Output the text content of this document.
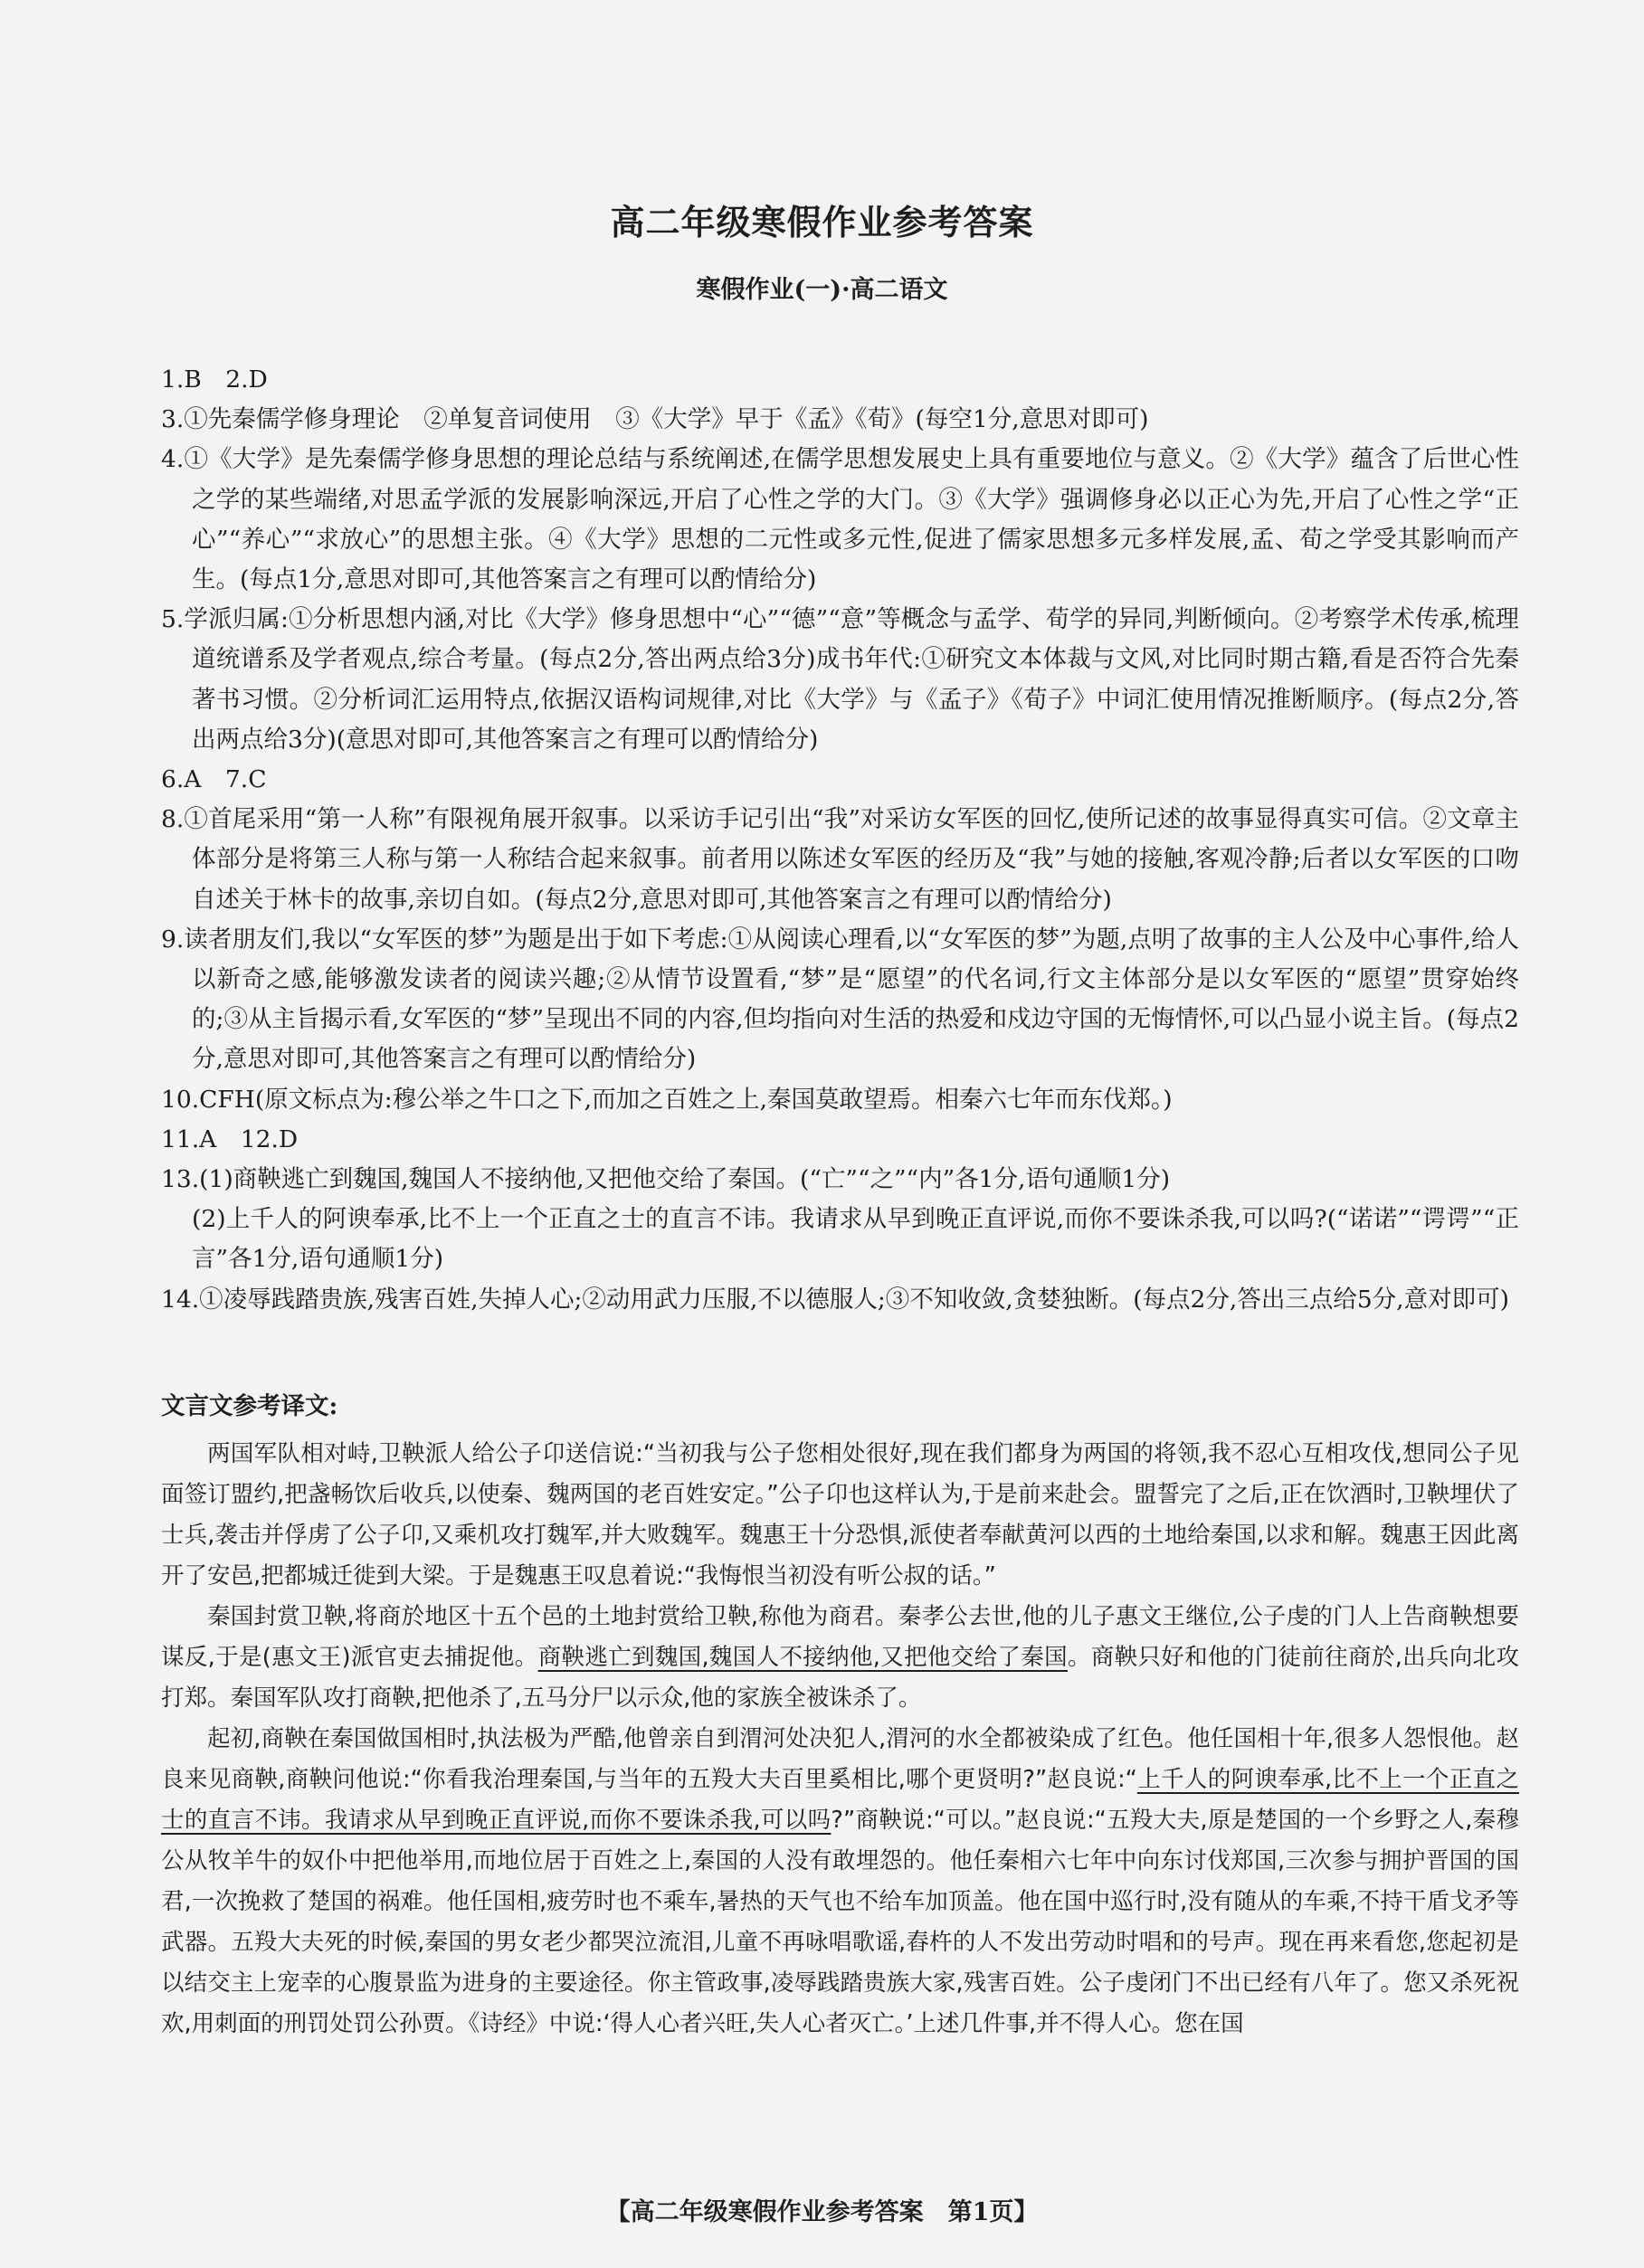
高二年级寒假作业参考答案
寒假作业(一)·高二语文

1.B　2.D

3.①先秦儒学修身理论　②单复音词使用　③《大学》早于《孟》《荀》(每空1分,意思对即可)

4.①《大学》是先秦儒学修身思想的理论总结与系统阐述,在儒学思想发展史上具有重要地位与意义。②《大学》蕴含了后世心性之学的某些端绪,对思孟学派的发展影响深远,开启了心性之学的大门。③《大学》强调修身必以正心为先,开启了心性之学“正心”“养心”“求放心”的思想主张。④《大学》思想的二元性或多元性,促进了儒家思想多元多样发展,孟、荀之学受其影响而产生。(每点1分,意思对即可,其他答案言之有理可以酌情给分)

5.学派归属:①分析思想内涵,对比《大学》修身思想中“心”“德”“意”等概念与孟学、荀学的异同,判断倾向。②考察学术传承,梳理道统谱系及学者观点,综合考量。(每点2分,答出两点给3分)成书年代:①研究文本体裁与文风,对比同时期古籍,看是否符合先秦著书习惯。②分析词汇运用特点,依据汉语构词规律,对比《大学》与《孟子》《荀子》中词汇使用情况推断顺序。(每点2分,答出两点给3分)(意思对即可,其他答案言之有理可以酌情给分)

6.A　7.C

8.①首尾采用“第一人称”有限视角展开叙事。以采访手记引出“我”对采访女军医的回忆,使所记述的故事显得真实可信。②文章主体部分是将第三人称与第一人称结合起来叙事。前者用以陈述女军医的经历及“我”与她的接触,客观冷静;后者以女军医的口吻自述关于林卡的故事,亲切自如。(每点2分,意思对即可,其他答案言之有理可以酌情给分)

9.读者朋友们,我以“女军医的梦”为题是出于如下考虑:①从阅读心理看,以“女军医的梦”为题,点明了故事的主人公及中心事件,给人以新奇之感,能够激发读者的阅读兴趣;②从情节设置看,“梦”是“愿望”的代名词,行文主体部分是以女军医的“愿望”贯穿始终的;③从主旨揭示看,女军医的“梦”呈现出不同的内容,但均指向对生活的热爱和戍边守国的无悔情怀,可以凸显小说主旨。(每点2分,意思对即可,其他答案言之有理可以酌情给分)

10.CFH(原文标点为:穆公举之牛口之下,而加之百姓之上,秦国莫敢望焉。相秦六七年而东伐郑。)

11.A　12.D

13.(1)商鞅逃亡到魏国,魏国人不接纳他,又把他交给了秦国。(“亡”“之”“内”各1分,语句通顺1分)

(2)上千人的阿谀奉承,比不上一个正直之士的直言不讳。我请求从早到晚正直评说,而你不要诛杀我,可以吗?(“诺诺”“谔谔”“正言”各1分,语句通顺1分)

14.①凌辱践踏贵族,残害百姓,失掉人心;②动用武力压服,不以德服人;③不知收敛,贪婪独断。(每点2分,答出三点给5分,意对即可)

文言文参考译文:

两国军队相对峙,卫鞅派人给公子卬送信说:“当初我与公子您相处很好,现在我们都身为两国的将领,我不忍心互相攻伐,想同公子见面签订盟约,把盏畅饮后收兵,以使秦、魏两国的老百姓安定。”公子卬也这样认为,于是前来赴会。盟誓完了之后,正在饮酒时,卫鞅埋伏了士兵,袭击并俘虏了公子卬,又乘机攻打魏军,并大败魏军。魏惠王十分恐惧,派使者奉献黄河以西的土地给秦国,以求和解。魏惠王因此离开了安邑,把都城迁徙到大梁。于是魏惠王叹息着说:“我悔恨当初没有听公叔的话。”

秦国封赏卫鞅,将商於地区十五个邑的土地封赏给卫鞅,称他为商君。秦孝公去世,他的儿子惠文王继位,公子虔的门人上告商鞅想要谋反,于是(惠文王)派官吏去捕捉他。商鞅逃亡到魏国,魏国人不接纳他,又把他交给了秦国。商鞅只好和他的门徒前往商於,出兵向北攻打郑。秦国军队攻打商鞅,把他杀了,五马分尸以示众,他的家族全被诛杀了。

起初,商鞅在秦国做国相时,执法极为严酷,他曾亲自到渭河处决犯人,渭河的水全都被染成了红色。他任国相十年,很多人怨恨他。赵良来见商鞅,商鞅问他说:“你看我治理秦国,与当年的五羖大夫百里奚相比,哪个更贤明?”赵良说:“上千人的阿谀奉承,比不上一个正直之士的直言不讳。我请求从早到晚正直评说,而你不要诛杀我,可以吗?”商鞅说:“可以。”赵良说:“五羖大夫,原是楚国的一个乡野之人,秦穆公从牧羊牛的奴仆中把他举用,而地位居于百姓之上,秦国的人没有敢埋怨的。他任秦相六七年中向东讨伐郑国,三次参与拥护晋国的国君,一次挽救了楚国的祸难。他任国相,疲劳时也不乘车,暑热的天气也不给车加顶盖。他在国中巡行时,没有随从的车乘,不持干盾戈矛等武器。五羖大夫死的时候,秦国的男女老少都哭泣流泪,儿童不再咏唱歌谣,舂杵的人不发出劳动时唱和的号声。现在再来看您,您起初是以结交主上宠幸的心腹景监为进身的主要途径。你主管政事,凌辱践踏贵族大家,残害百姓。公子虔闭门不出已经有八年了。您又杀死祝欢,用刺面的刑罚处罚公孙贾。《诗经》中说:‘得人心者兴旺,失人心者灭亡。’上述几件事,并不得人心。您在国

【高二年级寒假作业参考答案　第1页】
